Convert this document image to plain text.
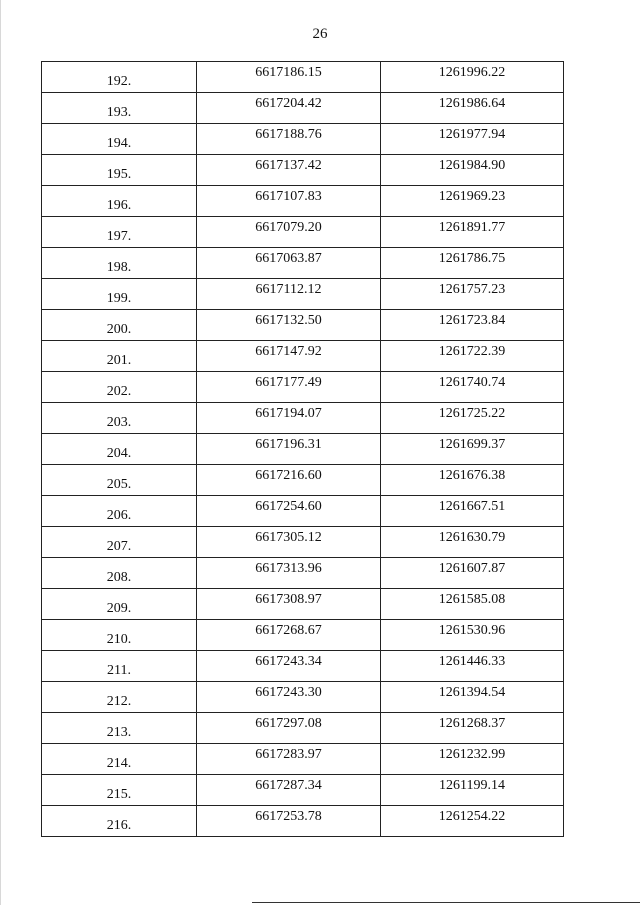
26
192.	6617186.15	1261996.22
193.	6617204.42	1261986.64
194.	6617188.76	1261977.94
195.	6617137.42	1261984.90
196.	6617107.83	1261969.23
197.	6617079.20	1261891.77
198.	6617063.87	1261786.75
199.	6617112.12	1261757.23
200.	6617132.50	1261723.84
201.	6617147.92	1261722.39
202.	6617177.49	1261740.74
203.	6617194.07	1261725.22
204.	6617196.31	1261699.37
205.	6617216.60	1261676.38
206.	6617254.60	1261667.51
207.	6617305.12	1261630.79
208.	6617313.96	1261607.87
209.	6617308.97	1261585.08
210.	6617268.67	1261530.96
211.	6617243.34	1261446.33
212.	6617243.30	1261394.54
213.	6617297.08	1261268.37
214.	6617283.97	1261232.99
215.	6617287.34	1261199.14
216.	6617253.78	1261254.22
